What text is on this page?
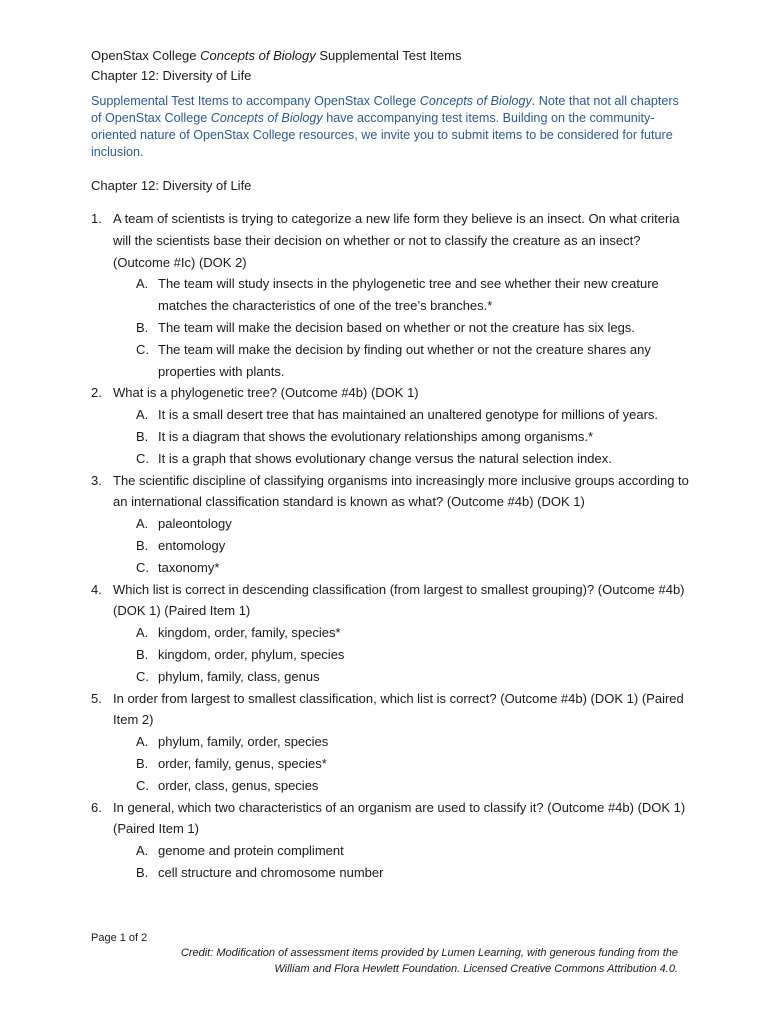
OpenStax College Concepts of Biology Supplemental Test Items
Chapter 12: Diversity of Life
Supplemental Test Items to accompany OpenStax College Concepts of Biology. Note that not all chapters of OpenStax College Concepts of Biology have accompanying test items. Building on the community-oriented nature of OpenStax College resources, we invite you to submit items to be considered for future inclusion.
Chapter 12: Diversity of Life
1. A team of scientists is trying to categorize a new life form they believe is an insect. On what criteria will the scientists base their decision on whether or not to classify the creature as an insect? (Outcome #Ic) (DOK 2)
A. The team will study insects in the phylogenetic tree and see whether their new creature matches the characteristics of one of the tree’s branches.*
B. The team will make the decision based on whether or not the creature has six legs.
C. The team will make the decision by finding out whether or not the creature shares any properties with plants.
2. What is a phylogenetic tree? (Outcome #4b) (DOK 1)
A. It is a small desert tree that has maintained an unaltered genotype for millions of years.
B. It is a diagram that shows the evolutionary relationships among organisms.*
C. It is a graph that shows evolutionary change versus the natural selection index.
3. The scientific discipline of classifying organisms into increasingly more inclusive groups according to an international classification standard is known as what? (Outcome #4b) (DOK 1)
A. paleontology
B. entomology
C. taxonomy*
4. Which list is correct in descending classification (from largest to smallest grouping)? (Outcome #4b) (DOK 1) (Paired Item 1)
A. kingdom, order, family, species*
B. kingdom, order, phylum, species
C. phylum, family, class, genus
5. In order from largest to smallest classification, which list is correct? (Outcome #4b) (DOK 1) (Paired Item 2)
A. phylum, family, order, species
B. order, family, genus, species*
C. order, class, genus, species
6. In general, which two characteristics of an organism are used to classify it? (Outcome #4b) (DOK 1) (Paired Item 1)
A. genome and protein compliment
B. cell structure and chromosome number
Page 1 of 2
Credit: Modification of assessment items provided by Lumen Learning, with generous funding from the William and Flora Hewlett Foundation. Licensed Creative Commons Attribution 4.0.
